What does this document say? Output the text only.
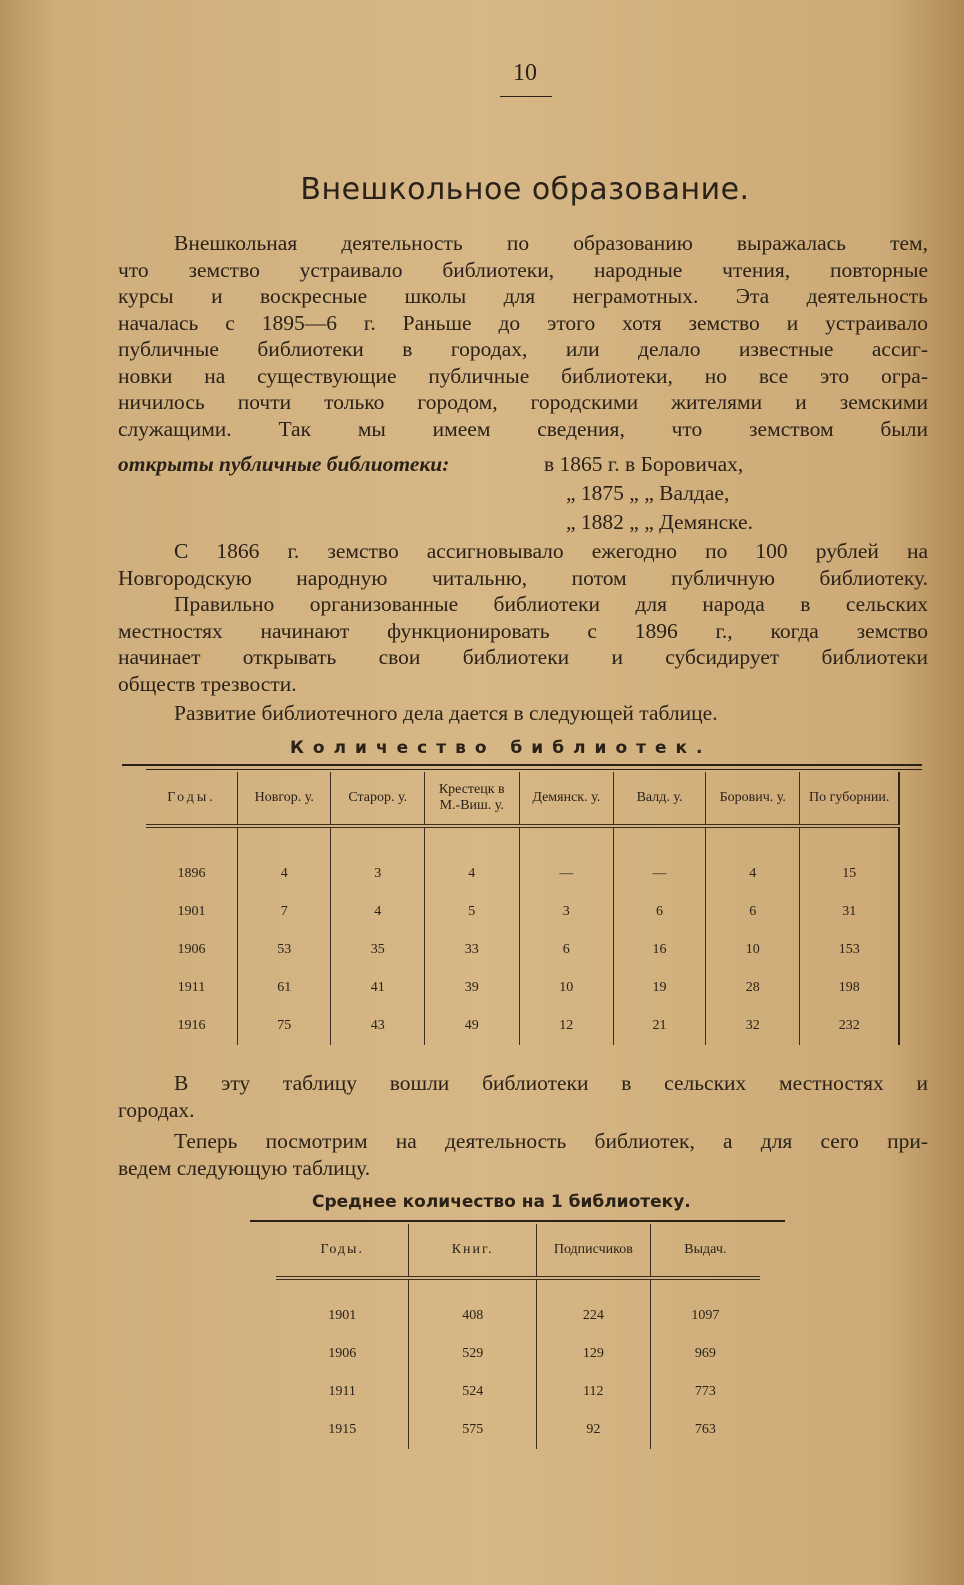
10
Внешкольное образование.
Внешкольная деятельность по образованию выражалась тем,
что земство устраивало библиотеки, народные чтения, повторные
курсы и воскресные школы для неграмотных. Эта деятельность
началась с 1895—6 г. Раньше до этого хотя земство и устраивало
публичные библиотеки в городах, или делало известные ассиг-
новки на существующие публичные библиотеки, но все это огра-
ничилось почти только городом, городскими жителями и земскими
служащими. Так мы имеем сведения, что земством были
открыты публичные библиотеки:	в 1865 г. в Боровичах,
„ 1875 „ „ Валдае,
„ 1882 „ „ Демянске.
С 1866 г. земство ассигновывало ежегодно по 100 рублей на
Новгородскую народную читальню, потом публичную библиотеку.
Правильно организованные библиотеки для народа в сельских
местностях начинают функционировать с 1896 г., когда земство
начинает открывать свои библиотеки и субсидирует библиотеки
обществ трезвости.
Развитие библиотечного дела дается в следующей таблице.
Количество библиотек.
Годы.	Новгор. у.	Старор. у.	Крестецк в М.-Виш. у.	Демянск. у.	Валд. у.	Борович. у.	По губорнии.
1896	4	3	4	—	—	4	15
1901	7	4	5	3	6	6	31
1906	53	35	33	6	16	10	153
1911	61	41	39	10	19	28	198
1916	75	43	49	12	21	32	232
В эту таблицу вошли библиотеки в сельских местностях и
городах.
Теперь посмотрим на деятельность библиотек, а для сего при-
ведем следующую таблицу.
Среднее количество на 1 библиотеку.
Годы.	Книг.	Подписчиков	Выдач.
1901	408	224	1097
1906	529	129	969
1911	524	112	773
1915	575	92	763
